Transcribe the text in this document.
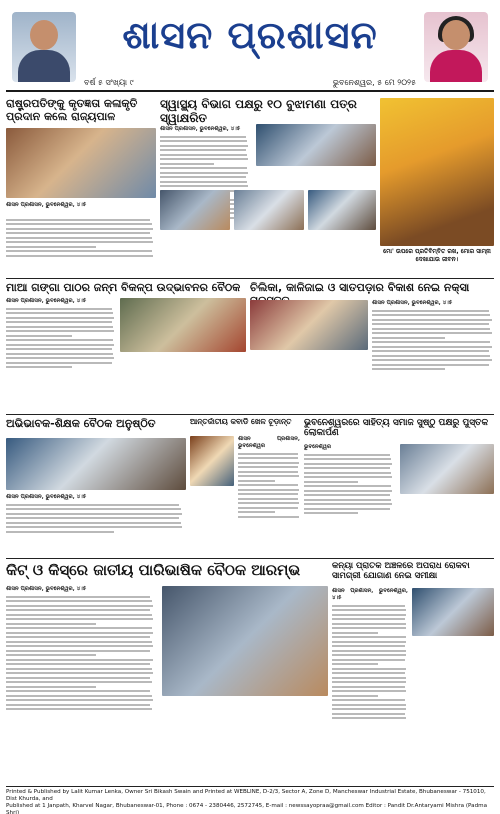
ଶାସନ ପ୍ରଶାସନ
ବର୍ଷ ୫ ସଂଖ୍ୟା ୯	ଭୁବନେଶ୍ୱର, ୫ ମେ ୨୦୨୫
ରାଷ୍ଟ୍ରପତିଙ୍କୁ କୃତଜ୍ଞତା କଳାକୃତି ପ୍ରଦାନ କଲେ ରାଜ୍ୟପାଳ
ଶାସନ ପ୍ରଶାସନ, ଭୁବନେଶ୍ୱର, ୪।୫

ସ୍ୱାସ୍ଥ୍ୟ ବିଭାଗ ପକ୍ଷରୁ ୧୦ ବୁଝାମଣା ପତ୍ର ସ୍ୱାକ୍ଷରିତ
ଶାସନ ପ୍ରଶାସନ, ଭୁବନେଶ୍ୱର, ୪।୫
ମୋ' ଉପରେ ପ୍ରତିବିମ୍ବିତ ରଖ, ମୋର ସାମ୍ନା ଦେଖାଯାଉ ଜୀବନ।
ମାଆ ଗଙ୍ଗା ପାଠର ଜନ୍ମ ବିକଳ୍ପ ଉଦ୍ଭାବନର ବୈଠକ
ଶାସନ ପ୍ରଶାସନ, ଭୁବନେଶ୍ୱର, ୪।୫
ଚିଲିକା, କାଳିଜାଇ ଓ ସାତପଡ଼ାର ବିକାଶ ନେଇ ନକ୍ସା
ଶାସନ ପ୍ରଶାସନ, ଭୁବନେଶ୍ୱର, ୪।୫
ଅଭିଭାବକ-ଶିକ୍ଷକ ବୈଠକ ଅନୁଷ୍ଠିତ
ଶାସନ ପ୍ରଶାସନ, ଭୁବନେଶ୍ୱର, ୪।୫
ଆନ୍ତର୍ଜାତୀୟ କବାଡି ଖେଳ ଚୂଡ଼ାନ୍ତ
ଶାସନ ପ୍ରଶାସନ, ଭୁବନେଶ୍ୱର
ଭୁବନେଶ୍ୱରରେ ସାହିତ୍ୟ ସମାଜ ସୁଷ୍ଠୁ ପକ୍ଷରୁ ପୁସ୍ତକ ଲୋକାର୍ପଣ
ଭୁବନେଶ୍ୱର
କିଟ୍ ଓ କିସ୍‌ରେ ଜାତୀୟ ପାରିଭାଷିକ ବୈଠକ ଆରମ୍ଭ
ଶାସନ ପ୍ରଶାସନ, ଭୁବନେଶ୍ୱର, ୪।୫
କନ୍ୟା ପ୍ରାତିକି ଅଞ୍ଚଳରେ ଅପରାଧ ରୋକିବା ସାମଗ୍ରୀ ଯୋଗାଣ ନେଇ ସମୀକ୍ଷା
ଶାସନ ପ୍ରଶାସନ, ଭୁବନେଶ୍ୱର, ୪।୫
Printed & Published by Lalit Kumar Lenka, Owner Sri Bikash Swain and Printed at WEBLINE, D-2/3, Sector A, Zone D, Mancheswar Industrial Estate, Bhubaneswar - 751010, Dist Khurda, and
Published at 1 Janpath, Kharvel Nagar, Bhubaneswar-01, Phone : 0674 - 2380446, 2572745, E-mail : newssayopraa@gmail.com Editor : Pandit Dr.Antaryami Mishra (Padma Shri)
